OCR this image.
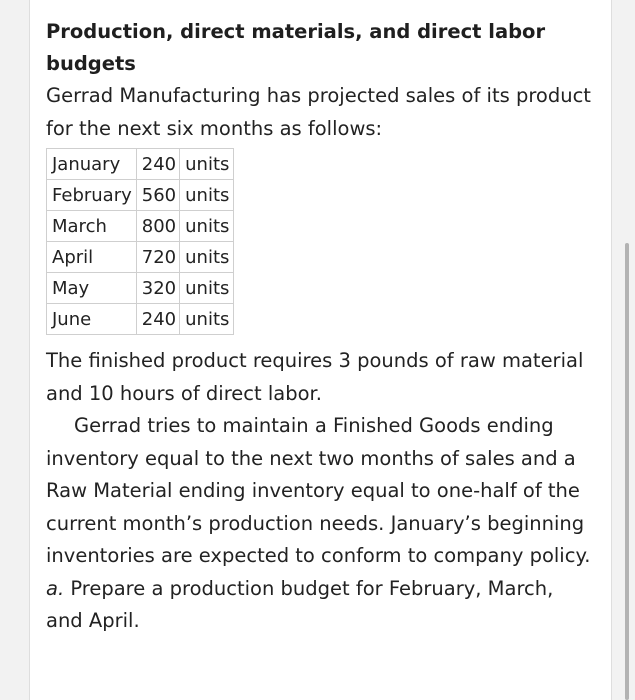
Production, direct materials, and direct labor budgets

Gerrad Manufacturing has projected sales of its product for the next six months as follows:

January	240	units
February	560	units
March	800	units
April	720	units
May	320	units
June	240	units

The finished product requires 3 pounds of raw material and 10 hours of direct labor.

Gerrad tries to maintain a Finished Goods ending inventory equal to the next two months of sales and a Raw Material ending inventory equal to one-half of the current month’s production needs. January’s beginning inventories are expected to conform to company policy.

a. Prepare a production budget for February, March, and April.
